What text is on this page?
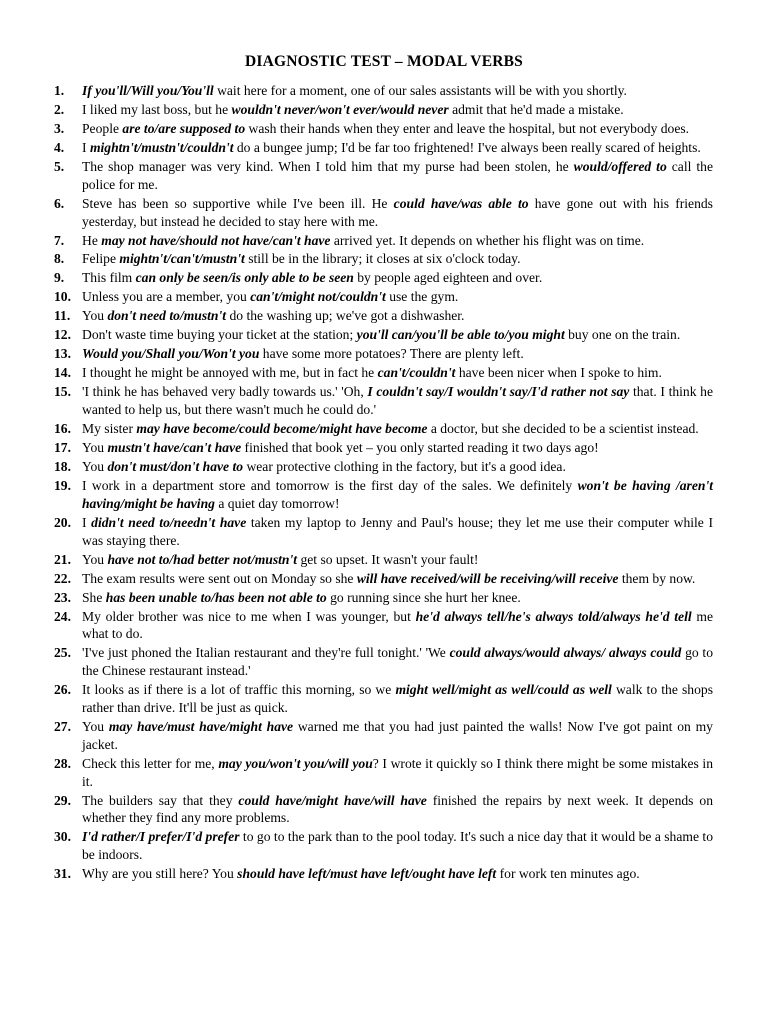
DIAGNOSTIC TEST – MODAL VERBS
1. If you'll/Will you/You'll wait here for a moment, one of our sales assistants will be with you shortly.
2. I liked my last boss, but he wouldn't never/won't ever/would never admit that he'd made a mistake.
3. People are to/are supposed to wash their hands when they enter and leave the hospital, but not everybody does.
4. I mightn't/mustn't/couldn't do a bungee jump; I'd be far too frightened! I've always been really scared of heights.
5. The shop manager was very kind. When I told him that my purse had been stolen, he would/offered to call the police for me.
6. Steve has been so supportive while I've been ill. He could have/was able to have gone out with his friends yesterday, but instead he decided to stay here with me.
7. He may not have/should not have/can't have arrived yet. It depends on whether his flight was on time.
8. Felipe mightn't/can't/mustn't still be in the library; it closes at six o'clock today.
9. This film can only be seen/is only able to be seen by people aged eighteen and over.
10. Unless you are a member, you can't/might not/couldn't use the gym.
11. You don't need to/mustn't do the washing up; we've got a dishwasher.
12. Don't waste time buying your ticket at the station; you'll can/you'll be able to/you might buy one on the train.
13. Would you/Shall you/Won't you have some more potatoes? There are plenty left.
14. I thought he might be annoyed with me, but in fact he can't/couldn't have been nicer when I spoke to him.
15. 'I think he has behaved very badly towards us.' 'Oh, I couldn't say/I wouldn't say/I'd rather not say that. I think he wanted to help us, but there wasn't much he could do.'
16. My sister may have become/could become/might have become a doctor, but she decided to be a scientist instead.
17. You mustn't have/can't have finished that book yet – you only started reading it two days ago!
18. You don't must/don't have to wear protective clothing in the factory, but it's a good idea.
19. I work in a department store and tomorrow is the first day of the sales. We definitely won't be having /aren't having/might be having a quiet day tomorrow!
20. I didn't need to/needn't have taken my laptop to Jenny and Paul's house; they let me use their computer while I was staying there.
21. You have not to/had better not/mustn't get so upset. It wasn't your fault!
22. The exam results were sent out on Monday so she will have received/will be receiving/will receive them by now.
23. She has been unable to/has been not able to go running since she hurt her knee.
24. My older brother was nice to me when I was younger, but he'd always tell/he's always told/always he'd tell me what to do.
25. 'I've just phoned the Italian restaurant and they're full tonight.' 'We could always/would always/ always could go to the Chinese restaurant instead.'
26. It looks as if there is a lot of traffic this morning, so we might well/might as well/could as well walk to the shops rather than drive. It'll be just as quick.
27. You may have/must have/might have warned me that you had just painted the walls! Now I've got paint on my jacket.
28. Check this letter for me, may you/won't you/will you? I wrote it quickly so I think there might be some mistakes in it.
29. The builders say that they could have/might have/will have finished the repairs by next week. It depends on whether they find any more problems.
30. I'd rather/I prefer/I'd prefer to go to the park than to the pool today. It's such a nice day that it would be a shame to be indoors.
31. Why are you still here? You should have left/must have left/ought have left for work ten minutes ago.
